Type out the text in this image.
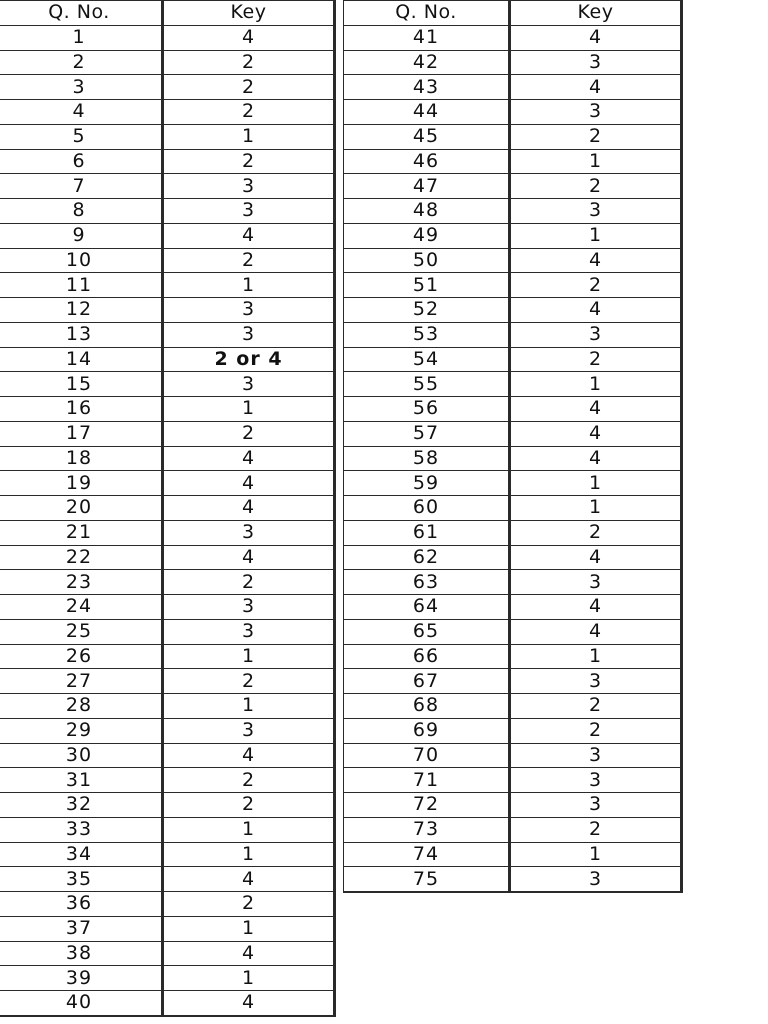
Q. No.	Key
1	4
2	2
3	2
4	2
5	1
6	2
7	3
8	3
9	4
10	2
11	1
12	3
13	3
14	2 or 4
15	3
16	1
17	2
18	4
19	4
20	4
21	3
22	4
23	2
24	3
25	3
26	1
27	2
28	1
29	3
30	4
31	2
32	2
33	1
34	1
35	4
36	2
37	1
38	4
39	1
40	4
Q. No.	Key
41	4
42	3
43	4
44	3
45	2
46	1
47	2
48	3
49	1
50	4
51	2
52	4
53	3
54	2
55	1
56	4
57	4
58	4
59	1
60	1
61	2
62	4
63	3
64	4
65	4
66	1
67	3
68	2
69	2
70	3
71	3
72	3
73	2
74	1
75	3
